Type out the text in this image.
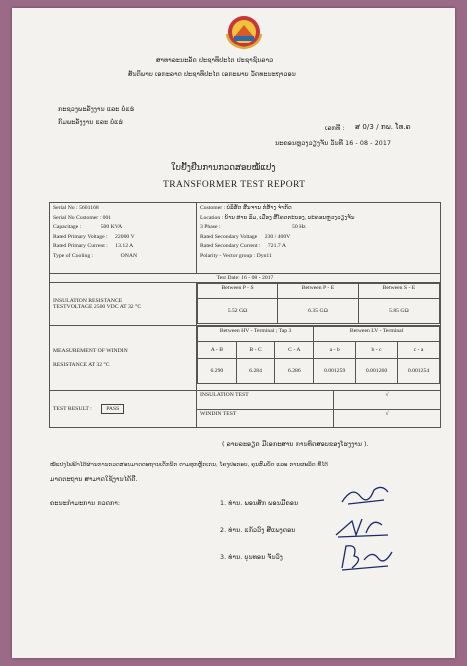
ສາທາລະນະລັດ ປະຊາທິປະໄຕ ປະຊາຊົນລາວ
ສັນຕິພາບ ເອກະລາດ ປະຊາທິປະໄຕ ເອກະພາບ ວັດທະນະຖາວອນ
ກະຊວງພະລັງງານ ແລະ ບໍ່ແຮ່
ກົມພະລັງງານ ແລະ ບໍ່ແຮ່
ເລກທີ : ສ 0/3 / ກພ. ໂທ.ຄ
ນະຄອນຫຼວງວຽງຈັນ ວັນທີ 16 - 08 - 2017
ໃບຢັ້ງຢືນການກວດສອບໝໍ້ແປງ
TRANSFORMER TEST REPORT
Serial No : 5601168
Serial No Customer : 001
Capacitage :	500 KVA
Rated Primary Voltage : 22000 V
Rated Primary Current : 13.12 A
Type of Cooling :	ONAN

Customer : ບໍລິສັດ ສີນຈານ ກໍ່ສ້າງ ຈຳກັດ
Location : ບ້ານ ສາຍ ລົມ, ເມືອງ ສີໂຄດຕະບອງ, ນະຄອນຫຼວງວຽງຈັນ
3 Phase :	50 Hz
Rated Secondary Voltage 230 / 400V
Rated Secondary Current : 721.7 A
Polarity - Vector group : Dyn11

Test Date: 16 - 08 - 2017

INSULATION RESISTANCE
TESTVOLTAGE 2500 VDC AT 32 °C

Between P - S	Between P - E	Between S - E
5.52 GΩ	6.35 GΩ	5.85 GΩ

MEASUREMENT OF WINDIN
RESISTANCE AT 32 °C

Between HV - Terminal ; Tap 3	Between LV - Terminal
A - B	B - C	C - A	a - b	b - c	c - a
6.290	6.284	6.286	0.001259	0.001260	0.001254

TEST RESULT :	PASS	INSULATION TEST	√
WINDIN TEST	√
( ລາຍລະອຽດ ມີເອກະສານ ການທົດສອບຂອງໂຮງງານ ).
ໝໍ້ແປງໄຟຟ້າໄດ້ຜ່ານການກວດສອບມາດຕະຖານເຕັກນິກ ຕາມທຸກຫຼັກເກນ, ໂຄງປະກອບ, ຄຸນສົມບັດ ແລະ ການຜະລິດ ທີ່ໄດ້
ມາດຕະຖານ ສາມາດໃຊ້ງານໄດ້ດີ.
ຄະນະກຳມະການ ກວດກາ:	1. ທ່ານ. ພອນສັກ ພອນມີຄອນ
2. ທ່ານ. ແກ້ວວົງ ສີແພງດອນ
3. ທ່ານ. ບຸນທອນ ຈັນວົງ
